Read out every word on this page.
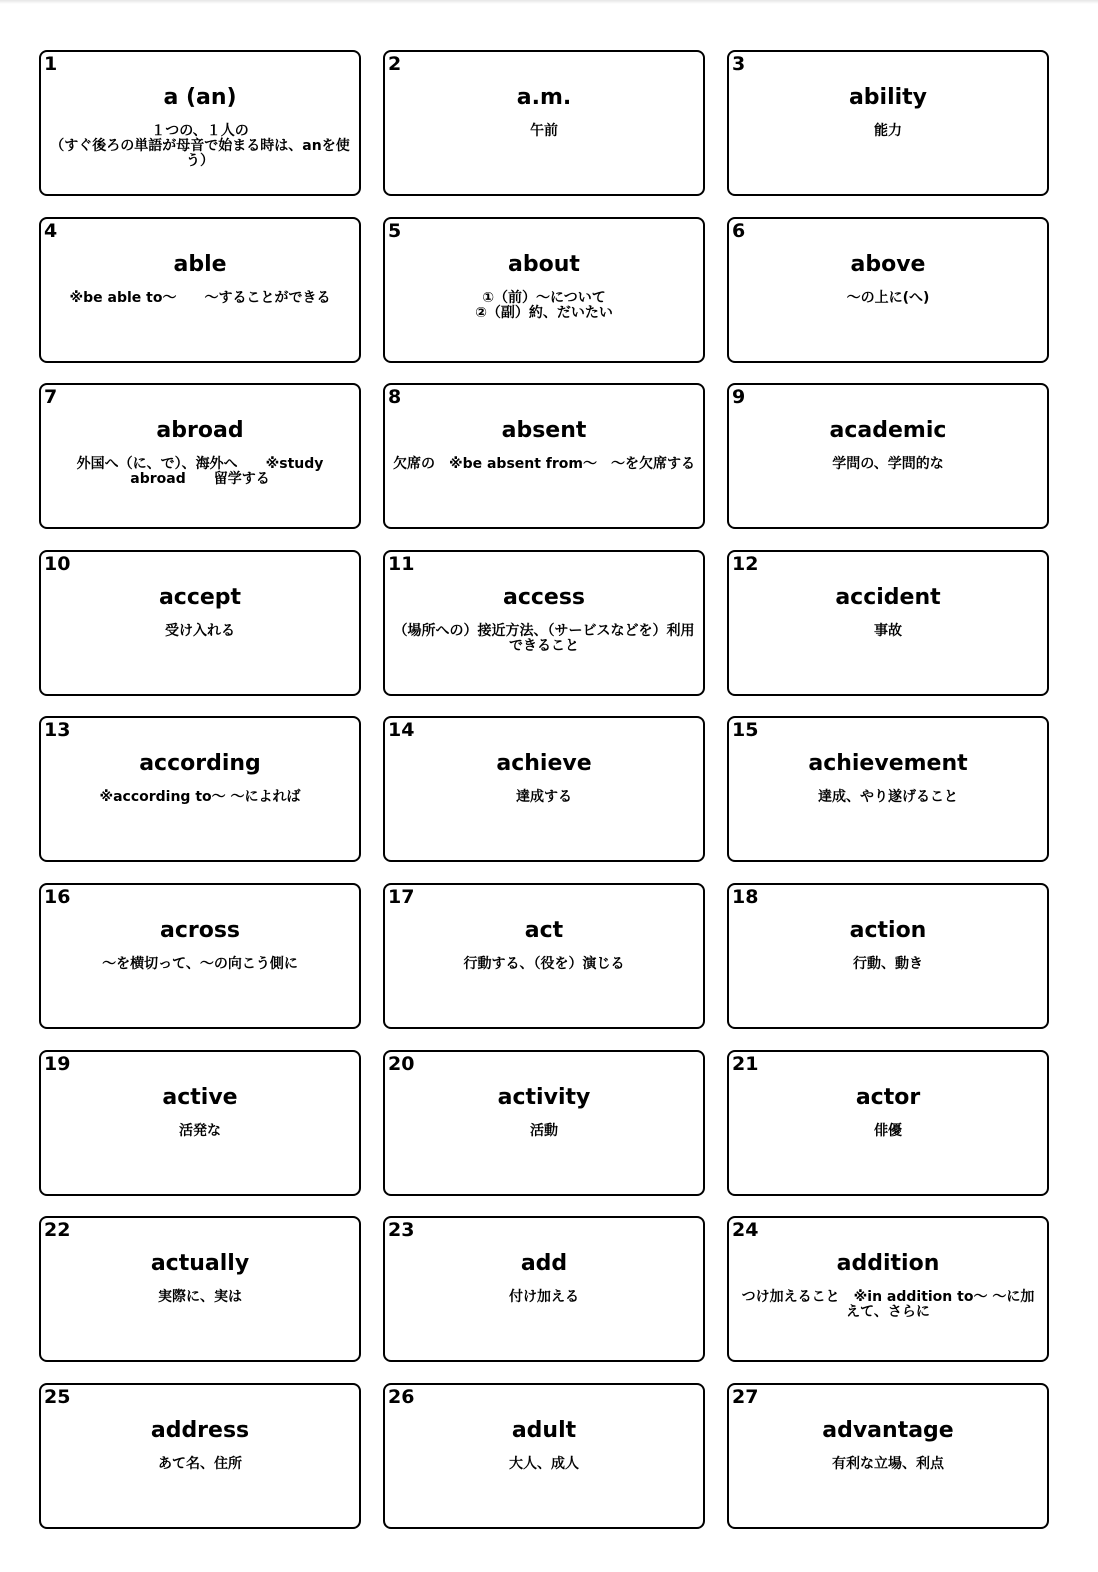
1
a (an)
１つの、１人の
（すぐ後ろの単語が母音で始まる時は、anを使う）
2
a.m.
午前
3
ability
能力
4
able
※be able to～　　～することができる
5
about
①（前）～について
②（副）約、だいたい
6
above
～の上に(へ)
7
abroad
外国へ（に、で）、海外へ　　※study abroad　　留学する
8
absent
欠席の　※be absent from～　～を欠席する
9
academic
学問の、学問的な
10
accept
受け入れる
11
access
（場所への）接近方法、（サービスなどを）利用できること
12
accident
事故
13
according
※according to～ ～によれば
14
achieve
達成する
15
achievement
達成、やり遂げること
16
across
～を横切って、～の向こう側に
17
act
行動する、（役を）演じる
18
action
行動、動き
19
active
活発な
20
activity
活動
21
actor
俳優
22
actually
実際に、実は
23
add
付け加える
24
addition
つけ加えること　※in addition to～ ～に加えて、さらに
25
address
あて名、住所
26
adult
大人、成人
27
advantage
有利な立場、利点
